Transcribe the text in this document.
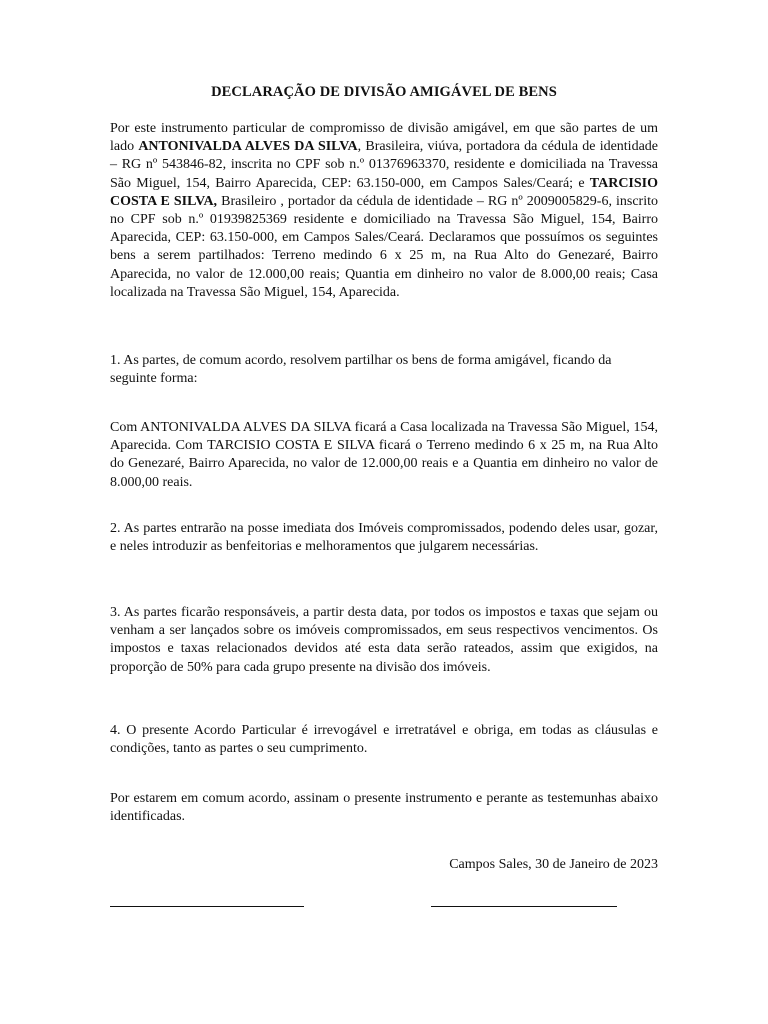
DECLARAÇÃO DE DIVISÃO AMIGÁVEL DE BENS
Por este instrumento particular de compromisso de divisão amigável, em que são partes de um lado ANTONIVALDA ALVES DA SILVA, Brasileira, viúva, portadora da cédula de identidade – RG nº 543846-82, inscrita no CPF sob n.º 01376963370, residente e domiciliada na Travessa São Miguel, 154, Bairro Aparecida, CEP: 63.150-000, em Campos Sales/Ceará; e TARCISIO COSTA E SILVA, Brasileiro , portador da cédula de identidade – RG nº 2009005829-6, inscrito no CPF sob n.º 01939825369 residente e domiciliado na Travessa São Miguel, 154, Bairro Aparecida, CEP: 63.150-000, em Campos Sales/Ceará. Declaramos que possuímos os seguintes bens a serem partilhados: Terreno medindo 6 x 25 m, na Rua Alto do Genezaré, Bairro Aparecida, no valor de 12.000,00 reais; Quantia em dinheiro no valor de 8.000,00 reais; Casa localizada na Travessa São Miguel, 154, Aparecida.
1. As partes, de comum acordo, resolvem partilhar os bens de forma amigável, ficando da seguinte forma:
Com ANTONIVALDA ALVES DA SILVA ficará a Casa localizada na Travessa São Miguel, 154, Aparecida. Com TARCISIO COSTA E SILVA ficará o Terreno medindo 6 x 25 m, na Rua Alto do Genezaré, Bairro Aparecida, no valor de 12.000,00 reais e a Quantia em dinheiro no valor de 8.000,00 reais.
2. As partes entrarão na posse imediata dos Imóveis compromissados, podendo deles usar, gozar, e neles introduzir as benfeitorias e melhoramentos que julgarem necessárias.
3. As partes ficarão responsáveis, a partir desta data, por todos os impostos e taxas que sejam ou venham a ser lançados sobre os imóveis compromissados, em seus respectivos vencimentos. Os impostos e taxas relacionados devidos até esta data serão rateados, assim que exigidos, na proporção de 50% para cada grupo presente na divisão dos imóveis.
4. O presente Acordo Particular é irrevogável e irretratável e obriga, em todas as cláusulas e condições, tanto as partes o seu cumprimento.
Por estarem em comum acordo, assinam o presente instrumento e perante as testemunhas abaixo identificadas.
Campos Sales, 30 de Janeiro de 2023
